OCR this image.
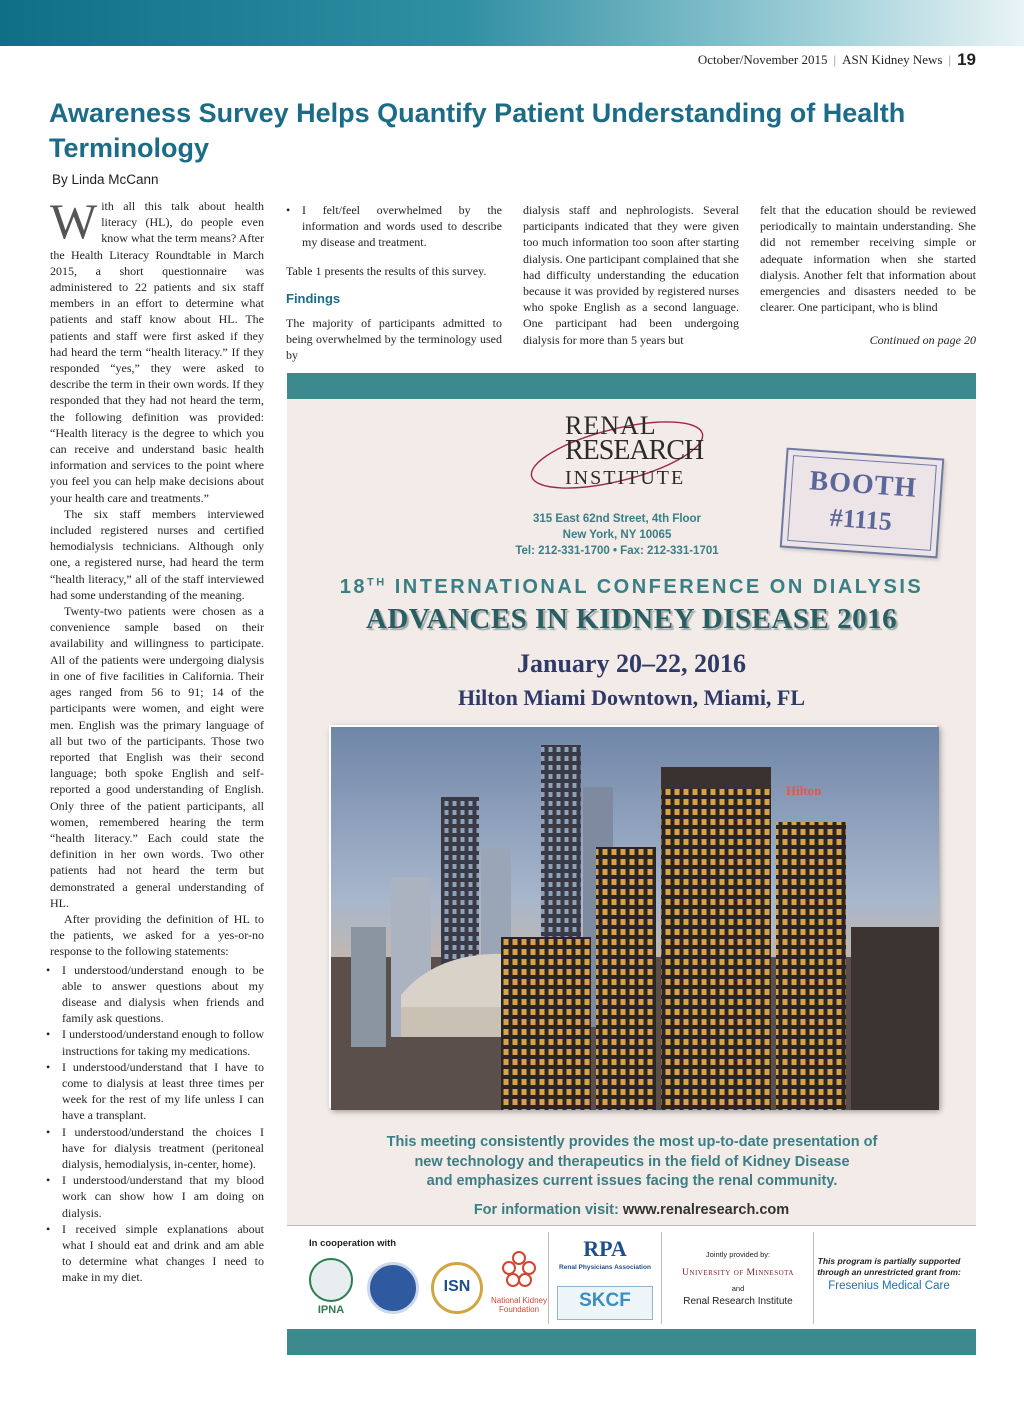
October/November 2015 | ASN Kidney News | 19
Awareness Survey Helps Quantify Patient Understanding of Health Terminology
By Linda McCann

With all this talk about health literacy (HL), do people even know what the term means? After the Health Literacy Roundtable in March 2015, a short questionnaire was administered to 22 patients and six staff members in an effort to determine what patients and staff know about HL. The patients and staff were first asked if they had heard the term “health literacy.” If they responded “yes,” they were asked to describe the term in their own words. If they responded that they had not heard the term, the following definition was provided: “Health literacy is the degree to which you can receive and understand basic health information and services to the point where you feel you can help make decisions about your health care and treatments.”

The six staff members interviewed included registered nurses and certified hemodialysis technicians. Although only one, a registered nurse, had heard the term “health literacy,” all of the staff interviewed had some understanding of the meaning.

Twenty-two patients were chosen as a convenience sample based on their availability and willingness to participate. All of the patients were undergoing dialysis in one of five facilities in California. Their ages ranged from 56 to 91; 14 of the participants were women, and eight were men. English was the primary language of all but two of the participants. Those two reported that English was their second language; both spoke English and self-reported a good understanding of English. Only three of the patient participants, all women, remembered hearing the term “health literacy.” Each could state the definition in her own words. Two other patients had not heard the term but demonstrated a general understanding of HL.

After providing the definition of HL to the patients, we asked for a yes-or-no response to the following statements:

• I understood/understand enough to be able to answer questions about my disease and dialysis when friends and family ask questions.
• I understood/understand enough to follow instructions for taking my medications.
• I understood/understand that I have to come to dialysis at least three times per week for the rest of my life unless I can have a transplant.
• I understood/understand the choices I have for dialysis treatment (peritoneal dialysis, hemodialysis, in-center, home).
• I understood/understand that my blood work can show how I am doing on dialysis.
• I received simple explanations about what I should eat and drink and am able to determine what changes I need to make in my diet.
• I felt/feel overwhelmed by the information and words used to describe my disease and treatment.

Table 1 presents the results of this survey.

Findings

The majority of participants admitted to being overwhelmed by the terminology used by

dialysis staff and nephrologists. Several participants indicated that they were given too much information too soon after starting dialysis. One participant complained that she had difficulty understanding the education because it was provided by registered nurses who spoke English as a second language. One participant had been undergoing dialysis for more than 5 years but

felt that the education should be reviewed periodically to maintain understanding. She did not remember receiving simple or adequate information when she started dialysis. Another felt that information about emergencies and disasters needed to be clearer. One participant, who is blind

Continued on page 20
RENAL
RESEARCH
INSTITUTE
315 East 62nd Street, 4th Floor
New York, NY 10065
Tel: 212-331-1700 • Fax: 212-331-1701
BOOTH
#1115
18TH INTERNATIONAL CONFERENCE ON DIALYSIS
ADVANCES IN KIDNEY DISEASE 2016
January 20–22, 2016
Hilton Miami Downtown, Miami, FL
Hilton
This meeting consistently provides the most up-to-date presentation of
new technology and therapeutics in the field of Kidney Disease
and emphasizes current issues facing the renal community.
For information visit: www.renalresearch.com
In cooperation with
IPNA
ISN
National Kidney Foundation
RPA
Renal Physicians Association
SKCF
Jointly provided by:
University of Minnesota
and
Renal Research Institute
This program is partially supported through an unrestricted grant from:
Fresenius Medical Care
